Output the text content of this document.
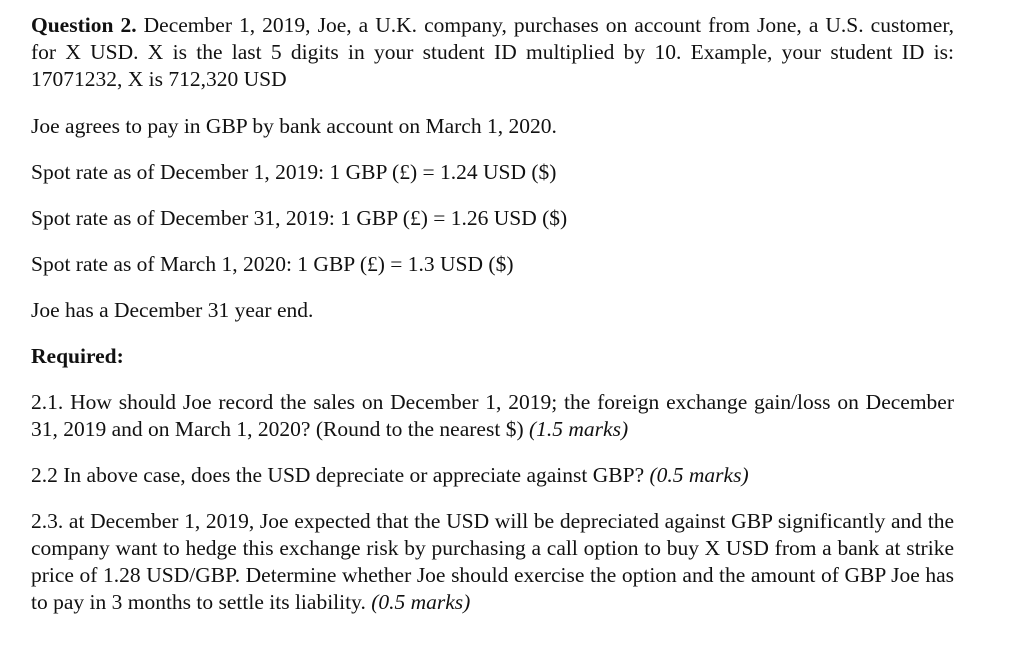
Question 2. December 1, 2019, Joe, a U.K. company, purchases on account from Jone, a U.S. customer, for X USD. X is the last 5 digits in your student ID multiplied by 10. Example, your student ID is: 17071232, X is 712,320 USD

Joe agrees to pay in GBP by bank account on March 1, 2020.

Spot rate as of December 1, 2019: 1 GBP (£) = 1.24 USD ($)

Spot rate as of December 31, 2019: 1 GBP (£) = 1.26 USD ($)

Spot rate as of March 1, 2020: 1 GBP (£) = 1.3 USD ($)

Joe has a December 31 year end.

Required:

2.1. How should Joe record the sales on December 1, 2019; the foreign exchange gain/loss on December 31, 2019 and on March 1, 2020? (Round to the nearest $) (1.5 marks)

2.2 In above case, does the USD depreciate or appreciate against GBP? (0.5 marks)

2.3. at December 1, 2019, Joe expected that the USD will be depreciated against GBP significantly and the company want to hedge this exchange risk by purchasing a call option to buy X USD from a bank at strike price of 1.28 USD/GBP. Determine whether Joe should exercise the option and the amount of GBP Joe has to pay in 3 months to settle its liability. (0.5 marks)
